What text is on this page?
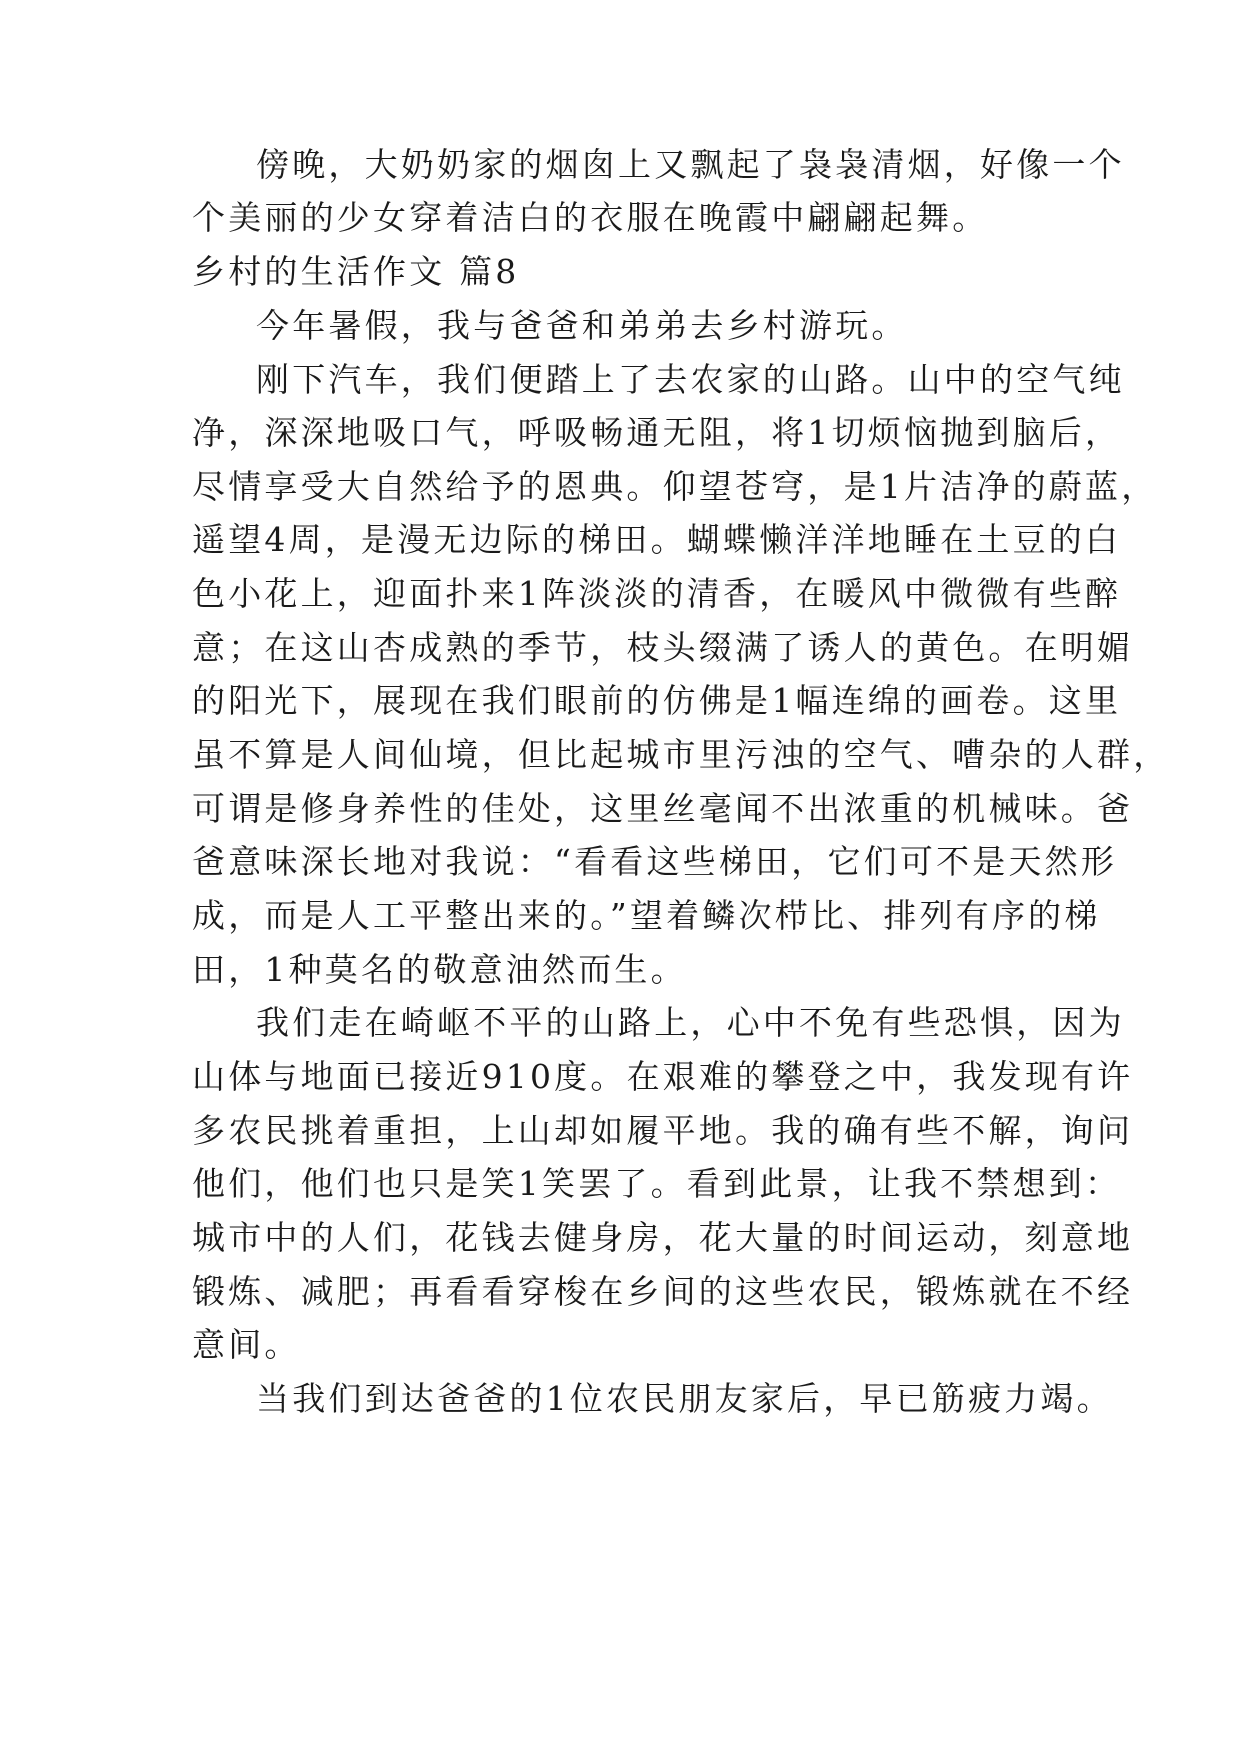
傍晚，大奶奶家的烟囱上又飘起了袅袅清烟，好像一个

个美丽的少女穿着洁白的衣服在晚霞中翩翩起舞。

乡村的生活作文 篇8

今年暑假，我与爸爸和弟弟去乡村游玩。

刚下汽车，我们便踏上了去农家的山路。山中的空气纯

净，深深地吸口气，呼吸畅通无阻，将1切烦恼抛到脑后，

尽情享受大自然给予的恩典。仰望苍穹，是1片洁净的蔚蓝，

遥望4周，是漫无边际的梯田。蝴蝶懒洋洋地睡在土豆的白

色小花上，迎面扑来1阵淡淡的清香，在暖风中微微有些醉

意；在这山杏成熟的季节，枝头缀满了诱人的黄色。在明媚

的阳光下，展现在我们眼前的仿佛是1幅连绵的画卷。这里

虽不算是人间仙境，但比起城市里污浊的空气、嘈杂的人群，

可谓是修身养性的佳处，这里丝毫闻不出浓重的机械味。爸

爸意味深长地对我说：“看看这些梯田，它们可不是天然形

成，而是人工平整出来的。”望着鳞次栉比、排列有序的梯

田，1种莫名的敬意油然而生。

我们走在崎岖不平的山路上，心中不免有些恐惧，因为

山体与地面已接近910度。在艰难的攀登之中，我发现有许

多农民挑着重担，上山却如履平地。我的确有些不解，询问

他们，他们也只是笑1笑罢了。看到此景，让我不禁想到：

城市中的人们，花钱去健身房，花大量的时间运动，刻意地

锻炼、减肥；再看看穿梭在乡间的这些农民，锻炼就在不经

意间。

当我们到达爸爸的1位农民朋友家后，早已筋疲力竭。
